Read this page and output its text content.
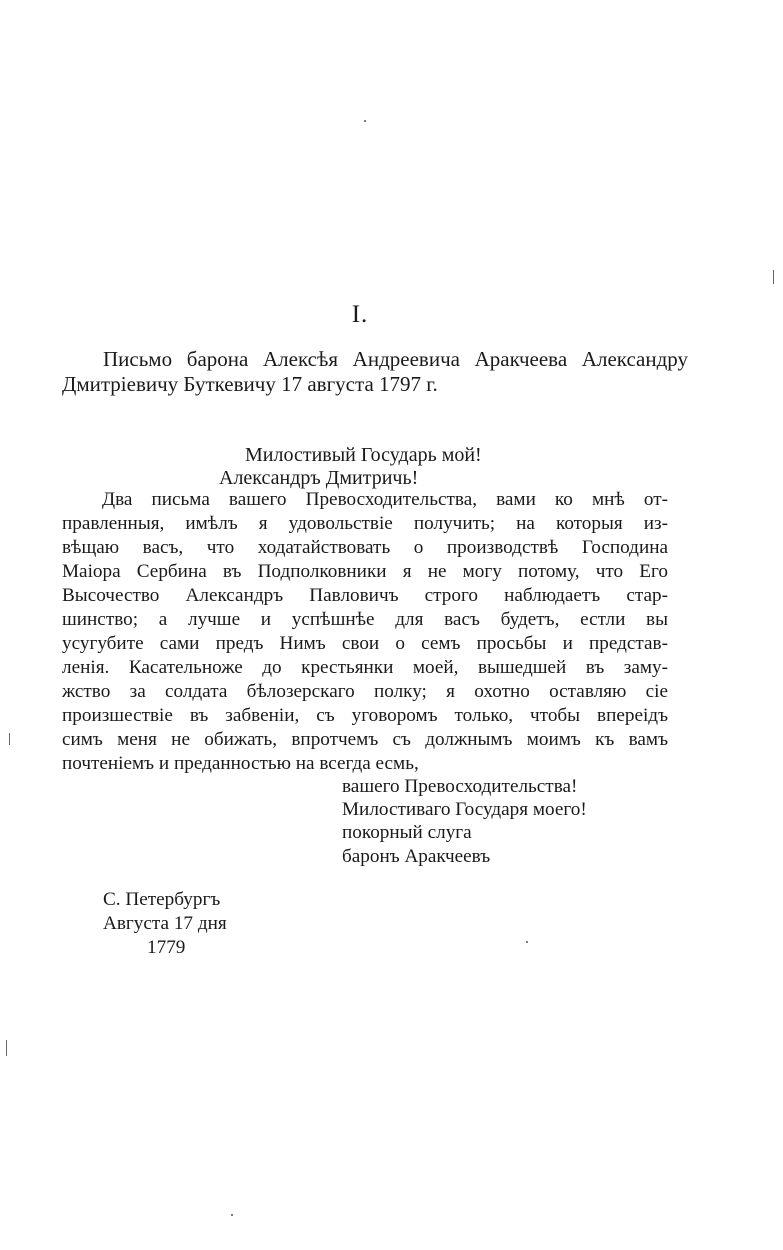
I.
Письмо барона Алексѣя Андреевича Аракчеева Александру
Дмитріевичу Буткевичу 17 августа 1797 г.
Милостивый Государь мой!
Александръ Дмитричь!
Два письма вашего Превосходительства, вами ко мнѣ от-
правленныя, имѣлъ я удовольствіе получить; на которыя из-
вѣщаю васъ, что ходатайствовать о производствѣ Господина
Маіора Сербина въ Подполковники я не могу потому, что Его
Высочество Александръ Павловичъ строго наблюдаетъ стар-
шинство; а лучше и успѣшнѣе для васъ будетъ, естли вы
усугубите сами предъ Нимъ свои о семъ просьбы и представ-
ленія. Касательноже до крестьянки моей, вышедшей въ заму-
жство за солдата бѣлозерскаго полку; я охотно оставляю сіе
произшествіе въ забвеніи, съ уговоромъ только, чтобы впереідъ
симъ меня не обижать, впротчемъ съ должнымъ моимъ къ вамъ
почтеніемъ и преданностью на всегда есмь,
вашего Превосходительства!
Милостиваго Государя моего!
покорный слуга
баронъ Аракчеевъ
С. Петербургъ
Августа 17 дня
1779
